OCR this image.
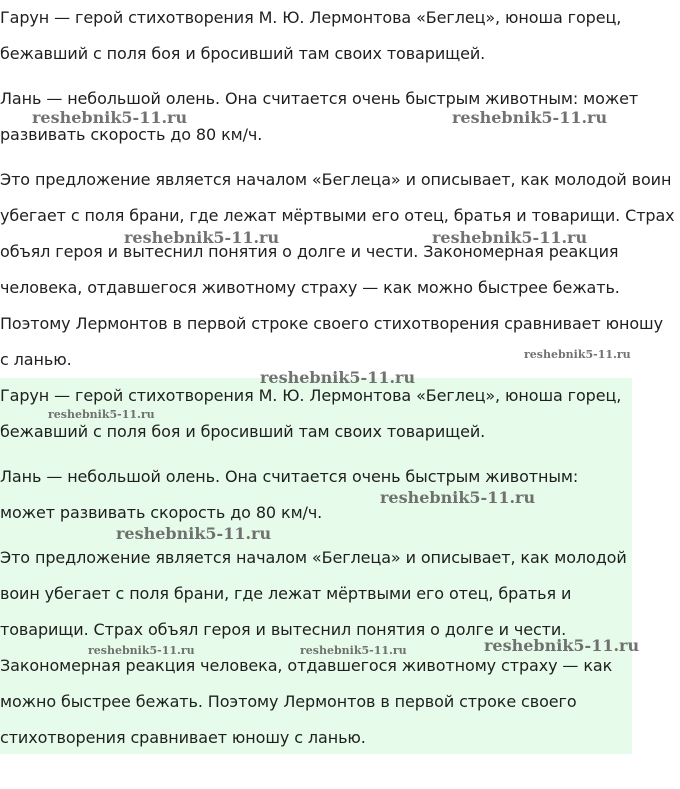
Гарун — герой стихотворения М. Ю. Лермонтова «Беглец», юноша горец,

бежавший с поля боя и бросивший там своих товарищей.

Лань — небольшой олень. Она считается очень быстрым животным: может

развивать скорость до 80 км/ч.

Это предложение является началом «Беглеца» и описывает, как молодой воин

убегает с поля брани, где лежат мёртвыми его отец, братья и товарищи. Страх

объял героя и вытеснил понятия о долге и чести. Закономерная реакция

человека, отдавшегося животному страху — как можно быстрее бежать.

Поэтому Лермонтов в первой строке своего стихотворения сравнивает юношу

с ланью.

Гарун — герой стихотворения М. Ю. Лермонтова «Беглец», юноша горец,

бежавший с поля боя и бросивший там своих товарищей.

Лань — небольшой олень. Она считается очень быстрым животным:

может развивать скорость до 80 км/ч.

Это предложение является началом «Беглеца» и описывает, как молодой

воин убегает с поля брани, где лежат мёртвыми его отец, братья и

товарищи. Страх объял героя и вытеснил понятия о долге и чести.

Закономерная реакция человека, отдавшегося животному страху — как

можно быстрее бежать. Поэтому Лермонтов в первой строке своего

стихотворения сравнивает юношу с ланью.

reshebnik5-11.ru	reshebnik5-11.ru
reshebnik5-11.ru	reshebnik5-11.ru
reshebnik5-11.ru
reshebnik5-11.ru
reshebnik5-11.ru
reshebnik5-11.ru
reshebnik5-11.ru
reshebnik5-11.ru
reshebnik5-11.ru	reshebnik5-11.ru
